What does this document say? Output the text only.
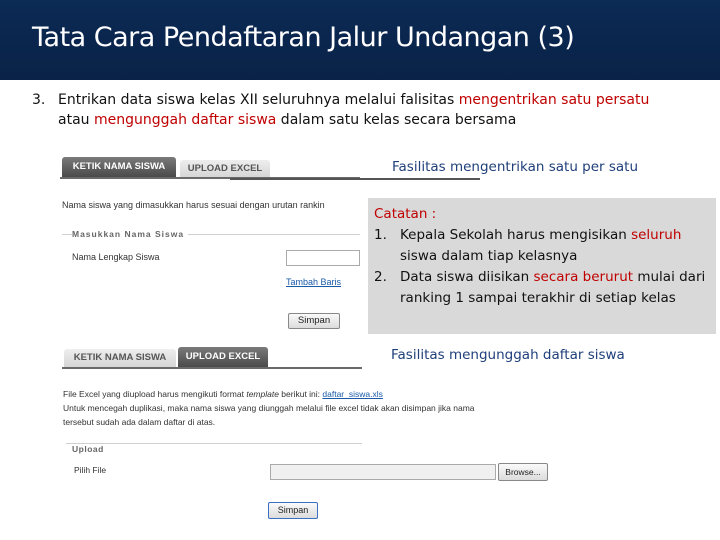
Tata Cara Pendaftaran Jalur Undangan (3)
3. Entrikan data siswa kelas XII seluruhnya melalui falisitas mengentrikan satu persatu
atau mengunggah daftar siswa dalam satu kelas secara bersama
KETIK NAMA SISWA	UPLOAD EXCEL
Nama siswa yang dimasukkan harus sesuai dengan urutan rankin
Masukkan Nama Siswa
Nama Lengkap Siswa
Tambah Baris
Simpan
Fasilitas mengentrikan satu per satu
Catatan :
1. Kepala Sekolah harus mengisikan seluruh siswa dalam tiap kelasnya
2. Data siswa diisikan secara berurut mulai dari ranking 1 sampai terakhir di setiap kelas
Fasilitas mengunggah daftar siswa
KETIK NAMA SISWA	UPLOAD EXCEL
File Excel yang diupload harus mengikuti format template berikut ini: daftar_siswa.xls
Untuk mencegah duplikasi, maka nama siswa yang diunggah melalui file excel tidak akan disimpan jika nama
tersebut sudah ada dalam daftar di atas.
Upload
Pilih File	Browse...
Simpan
